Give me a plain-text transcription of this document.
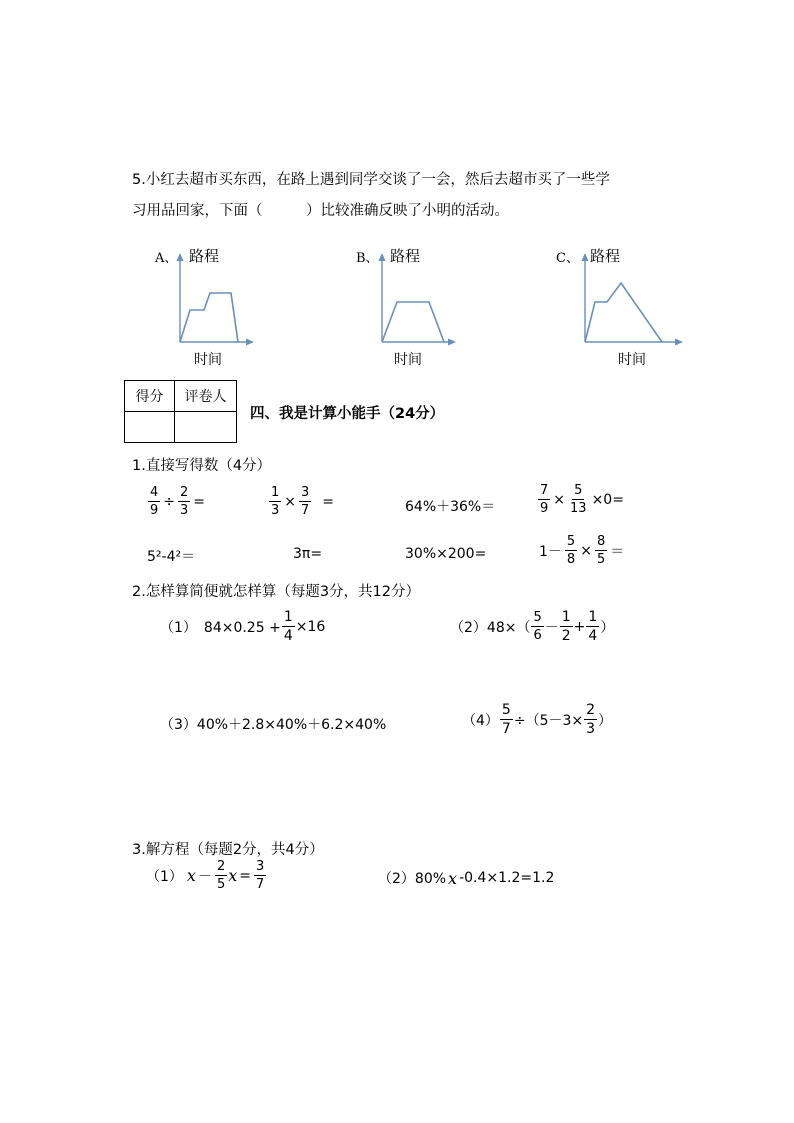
5.小红去超市买东西，在路上遇到同学交谈了一会，然后去超市买了一些学
习用品回家，下面（　　　）比较准确反映了小明的活动。
A、 路程
时间
B、 路程
时间
C、 路程
时间
得分	评卷人

四、我是计算小能手（24分）
1.直接写得数（4分）
$\frac{4}{9} \div \frac{2}{3}$ =	$\frac{1}{3} \times \frac{3}{7}$ =	64%＋36%＝	$\frac{7}{9} \times \frac{5}{13} \times 0=$
5²-4²＝	3π=	30%×200=	$1- \frac{5}{8} \times \frac{8}{5}$ ＝
2.怎样算简便就怎样算（每题3分，共12分）
（1）　$84\times 0.25 + \frac{1}{4} \times 16$	$(2)48\times( \frac{5}{6} - \frac{1}{2} + \frac{1}{4}$ ）
（3）40%＋2.8×40%＋6.2×40%	$(4) \frac{5}{7} \div(5-3\times \frac{2}{3}$ ）
3.解方程（每题2分，共4分）
（1） $x - \frac{2}{5}$ $x = \frac{3}{7}$	（2）80% x -0.4×1.2=1.2
